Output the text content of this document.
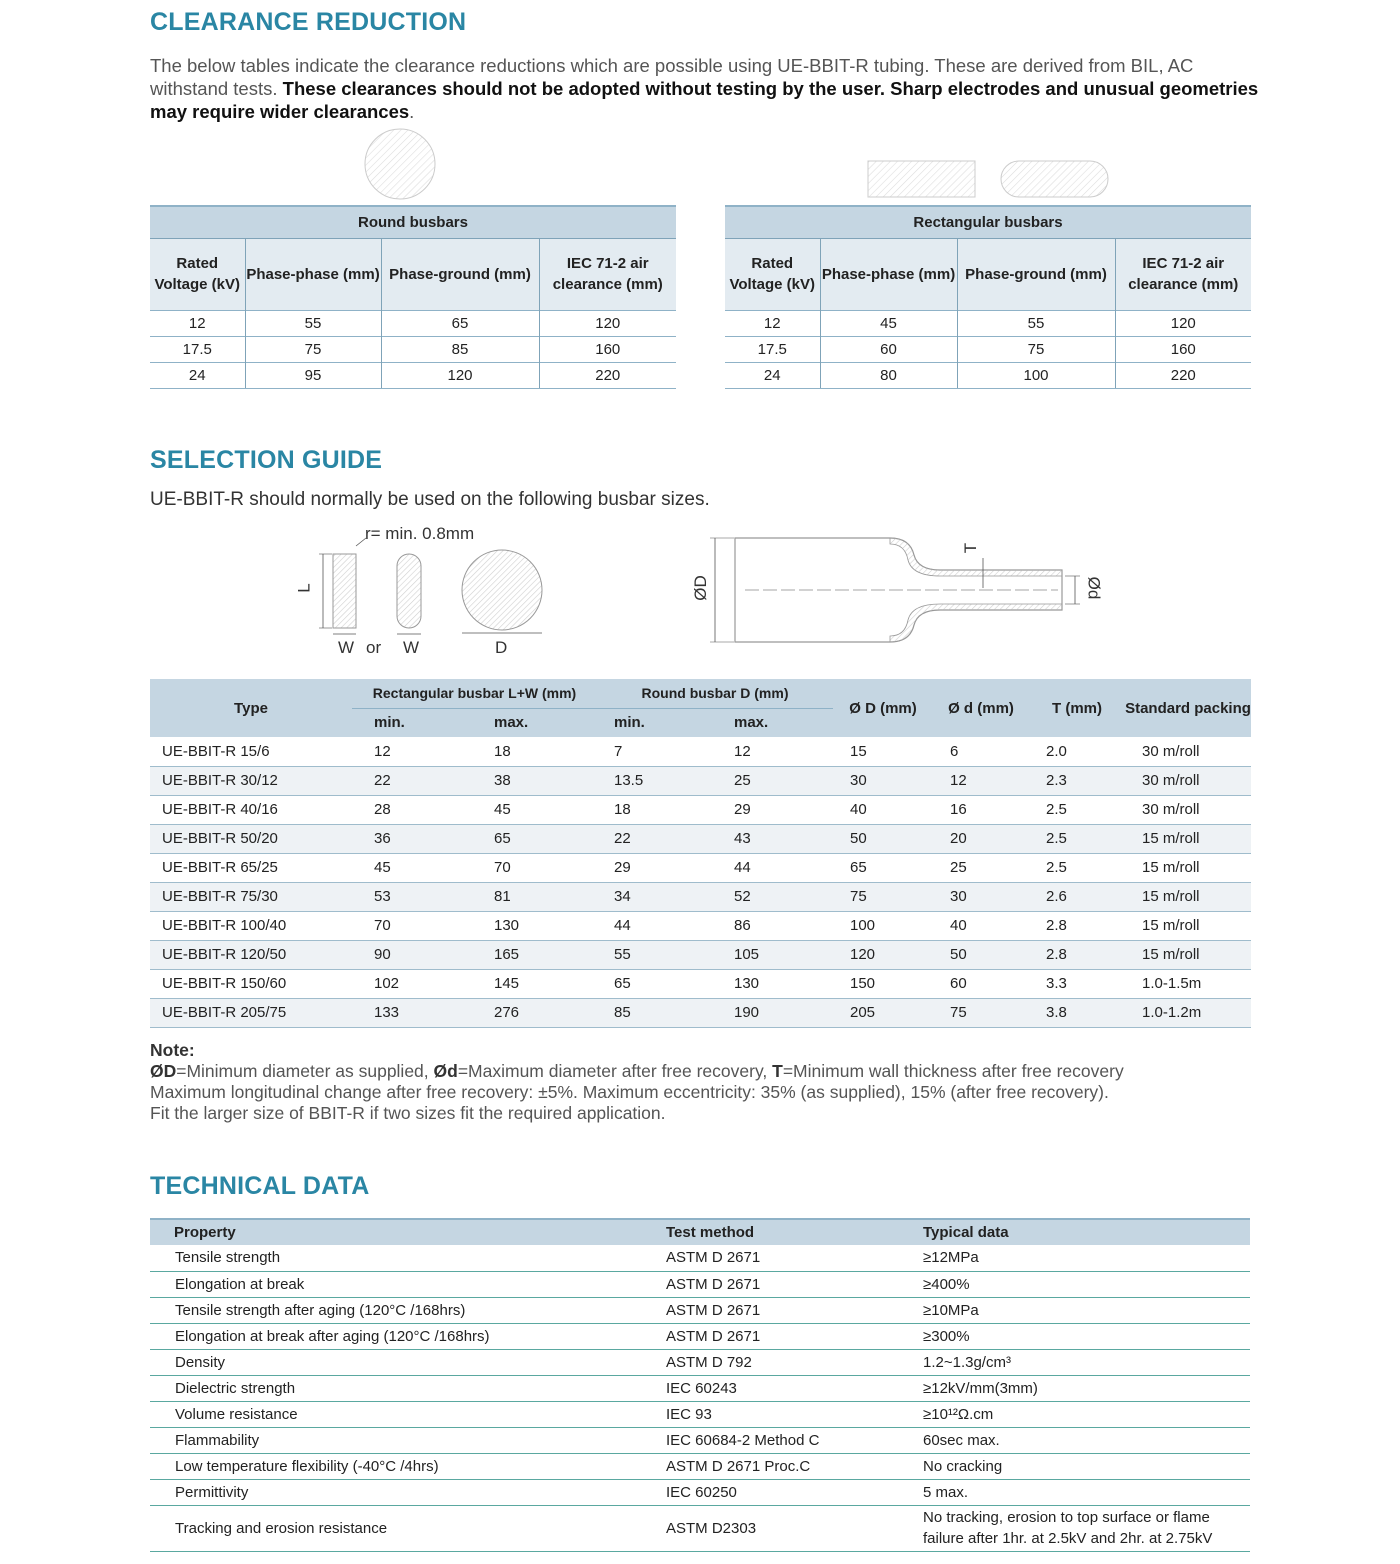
CLEARANCE REDUCTION
The below tables indicate the clearance reductions which are possible using UE-BBIT-R tubing. These are derived from BIL, AC withstand tests. These clearances should not be adopted without testing by the user. Sharp electrodes and unusual geometries may require wider clearances.
Round busbars			
Rated Voltage (kV)	Phase-phase (mm)	Phase-ground (mm)	IEC 71-2 air clearance (mm)
12	55	65	120
17.5	75	85	160
24	95	120	220
Rectangular busbars			
Rated Voltage (kV)	Phase-phase (mm)	Phase-ground (mm)	IEC 71-2 air clearance (mm)
12	45	55	120
17.5	60	75	160
24	80	100	220
SELECTION GUIDE
UE-BBIT-R should normally be used on the following busbar sizes.
r= min. 0.8mm
L
W or W	D
ØD	Ød
T
Type	Rectangular busbar L+W (mm)		Round busbar D (mm)		Ø D (mm)	Ø d (mm)	T (mm)	Standard packing
	min.	max.	min.	max.				
UE-BBIT-R 15/6	12	18	7	12	15	6	2.0	30 m/roll
UE-BBIT-R 30/12	22	38	13.5	25	30	12	2.3	30 m/roll
UE-BBIT-R 40/16	28	45	18	29	40	16	2.5	30 m/roll
UE-BBIT-R 50/20	36	65	22	43	50	20	2.5	15 m/roll
UE-BBIT-R 65/25	45	70	29	44	65	25	2.5	15 m/roll
UE-BBIT-R 75/30	53	81	34	52	75	30	2.6	15 m/roll
UE-BBIT-R 100/40	70	130	44	86	100	40	2.8	15 m/roll
UE-BBIT-R 120/50	90	165	55	105	120	50	2.8	15 m/roll
UE-BBIT-R 150/60	102	145	65	130	150	60	3.3	1.0-1.5m
UE-BBIT-R 205/75	133	276	85	190	205	75	3.8	1.0-1.2m
Note:
ØD=Minimum diameter as supplied, Ød=Maximum diameter after free recovery, T=Minimum wall thickness after free recovery
Maximum longitudinal change after free recovery: ±5%. Maximum eccentricity: 35% (as supplied), 15% (after free recovery).
Fit the larger size of BBIT-R if two sizes fit the required application.
TECHNICAL DATA
Property	Test method	Typical data
Tensile strength	ASTM D 2671	≥12MPa
Elongation at break	ASTM D 2671	≥400%
Tensile strength after aging (120°C /168hrs)	ASTM D 2671	≥10MPa
Elongation at break after aging (120°C /168hrs)	ASTM D 2671	≥300%
Density	ASTM D 792	1.2~1.3g/cm³
Dielectric strength	IEC 60243	≥12kV/mm(3mm)
Volume resistance	IEC 93	≥10¹²Ω.cm
Flammability	IEC 60684-2 Method C	60sec max.
Low temperature flexibility (-40°C /4hrs)	ASTM D 2671 Proc.C	No cracking
Permittivity	IEC 60250	5 max.
Tracking and erosion resistance	ASTM D2303	No tracking, erosion to top surface or flame failure after 1hr. at 2.5kV and 2hr. at 2.75kV
